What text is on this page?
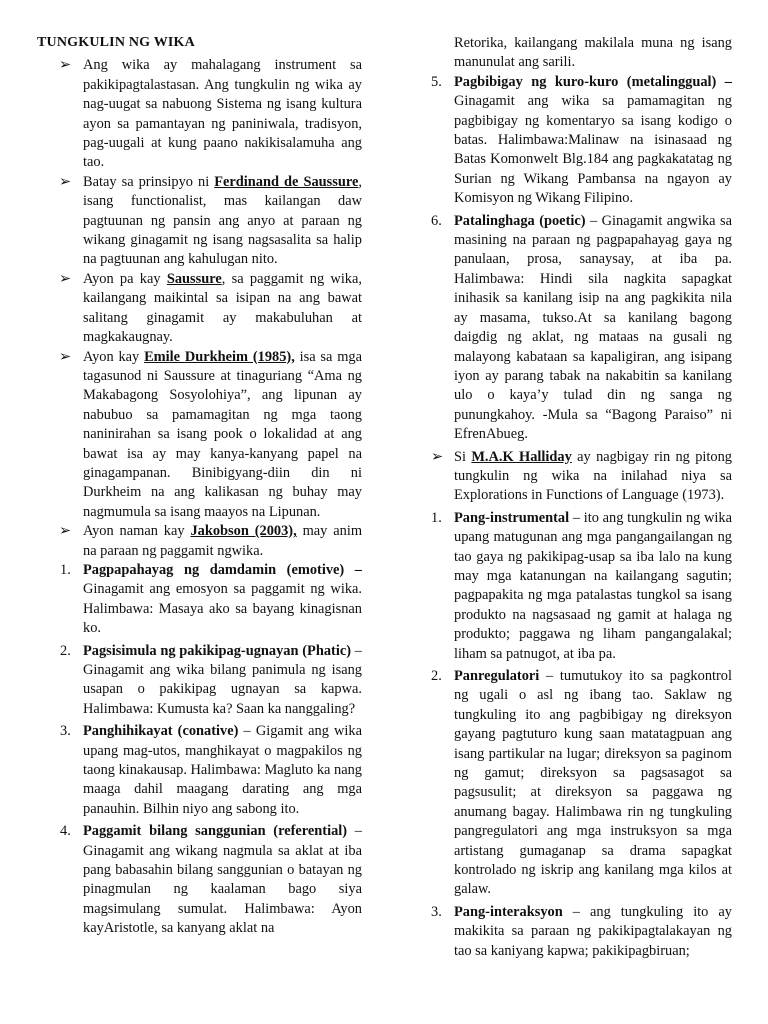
TUNGKULIN NG WIKA

➢ Ang wika ay mahalagang instrument sa pakikipagtalastasan. Ang tungkulin ng wika ay nag-uugat sa nabuong Sistema ng isang kultura ayon sa pamantayan ng paniniwala, tradisyon, pag-uugali at kung paano nakikisalamuha ang tao.
➢ Batay sa prinsipyo ni Ferdinand de Saussure, isang functionalist, mas kailangan daw pagtuunan ng pansin ang anyo at paraan ng wikang ginagamit ng isang nagsasalita sa halip na pagtuunan ang kahulugan nito.
➢ Ayon pa kay Saussure, sa paggamit ng wika, kailangang maikintal sa isipan na ang bawat salitang ginagamit ay makabuluhan at magkakaugnay.
➢ Ayon kay Emile Durkheim (1985), isa sa mga tagasunod ni Saussure at tinaguriang “Ama ng Makabagong Sosyolohiya”, ang lipunan ay nabubuo sa pamamagitan ng mga taong naninirahan sa isang pook o lokalidad at ang bawat isa ay may kanya-kanyang papel na ginagampanan. Binibigyang-diin din ni Durkheim na ang kalikasan ng buhay may nagmumula sa isang maayos na Lipunan.
➢ Ayon naman kay Jakobson (2003), may anim na paraan ng paggamit ngwika.
1. Pagpapahayag ng damdamin (emotive) – Ginagamit ang emosyon sa paggamit ng wika. Halimbawa: Masaya ako sa bayang kinagisnan ko.
2. Pagsisimula ng pakikipag-ugnayan (Phatic) – Ginagamit ang wika bilang panimula ng isang usapan o pakikipag ugnayan sa kapwa. Halimbawa: Kumusta ka? Saan ka nanggaling?
3. Panghihikayat (conative) – Gigamit ang wika upang mag-utos, manghikayat o magpakilos ng taong kinakausap. Halimbawa: Magluto ka nang maaga dahil maagang darating ang mga panauhin. Bilhin niyo ang sabong ito.
4. Paggamit bilang sanggunian (referential) – Ginagamit ang wikang nagmula sa aklat at iba pang babasahin bilang sanggunian o batayan ng pinagmulan ng kaalaman bago siya magsimulang sumulat. Halimbawa: Ayon kayAristotle, sa kanyang aklat na

Retorika, kailangang makilala muna ng isang manunulat ang sarili.

5. Pagbibigay ng kuro-kuro (metalinggual) – Ginagamit ang wika sa pamamagitan ng pagbibigay ng komentaryo sa isang kodigo o batas. Halimbawa:Malinaw na isinasaad ng Batas Komonwelt Blg.184 ang pagkakatatag ng Surian ng Wikang Pambansa na ngayon ay Komisyon ng Wikang Filipino.
6. Patalinghaga (poetic) – Ginagamit angwika sa masining na paraan ng pagpapahayag gaya ng panulaan, prosa, sanaysay, at iba pa. Halimbawa: Hindi sila nagkita sapagkat inihasik sa kanilang isip na ang pagkikita nila ay masama, tukso.At sa kanilang bagong daigdig ng aklat, ng mataas na gusali ng malayong kabataan sa kapaligiran, ang isipang iyon ay parang tabak na nakabitin sa kanilang ulo o kaya’y tulad din ng sanga ng punungkahoy. -Mula sa “Bagong Paraiso” ni EfrenAbueg.
➢ Si M.A.K Halliday ay nagbigay rin ng pitong tungkulin ng wika na inilahad niya sa Explorations in Functions of Language (1973).
1. Pang-instrumental – ito ang tungkulin ng wika upang matugunan ang mga pangangailangan ng tao gaya ng pakikipag-usap sa iba lalo na kung may mga katanungan na kailangang sagutin; pagpapakita ng mga patalastas tungkol sa isang produkto na nagsasaad ng gamit at halaga ng produkto; paggawa ng liham pangangalakal; liham sa patnugot, at iba pa.
2. Panregulatori – tumutukoy ito sa pagkontrol ng ugali o asl ng ibang tao. Saklaw ng tungkuling ito ang pagbibigay ng direksyon gayang pagtuturo kung saan matatagpuan ang isang partikular na lugar; direksyon sa paginom ng gamut; direksyon sa pagsasagot sa pagsusulit; at direksyon sa paggawa ng anumang bagay. Halimbawa rin ng tungkuling pangregulatori ang mga instruksyon sa mga artistang gumaganap sa drama sapagkat kontrolado ng iskrip ang kanilang mga kilos at galaw.
3. Pang-interaksyon – ang tungkuling ito ay makikita sa paraan ng pakikipagtalakayan ng tao sa kaniyang kapwa; pakikipagbiruan;
